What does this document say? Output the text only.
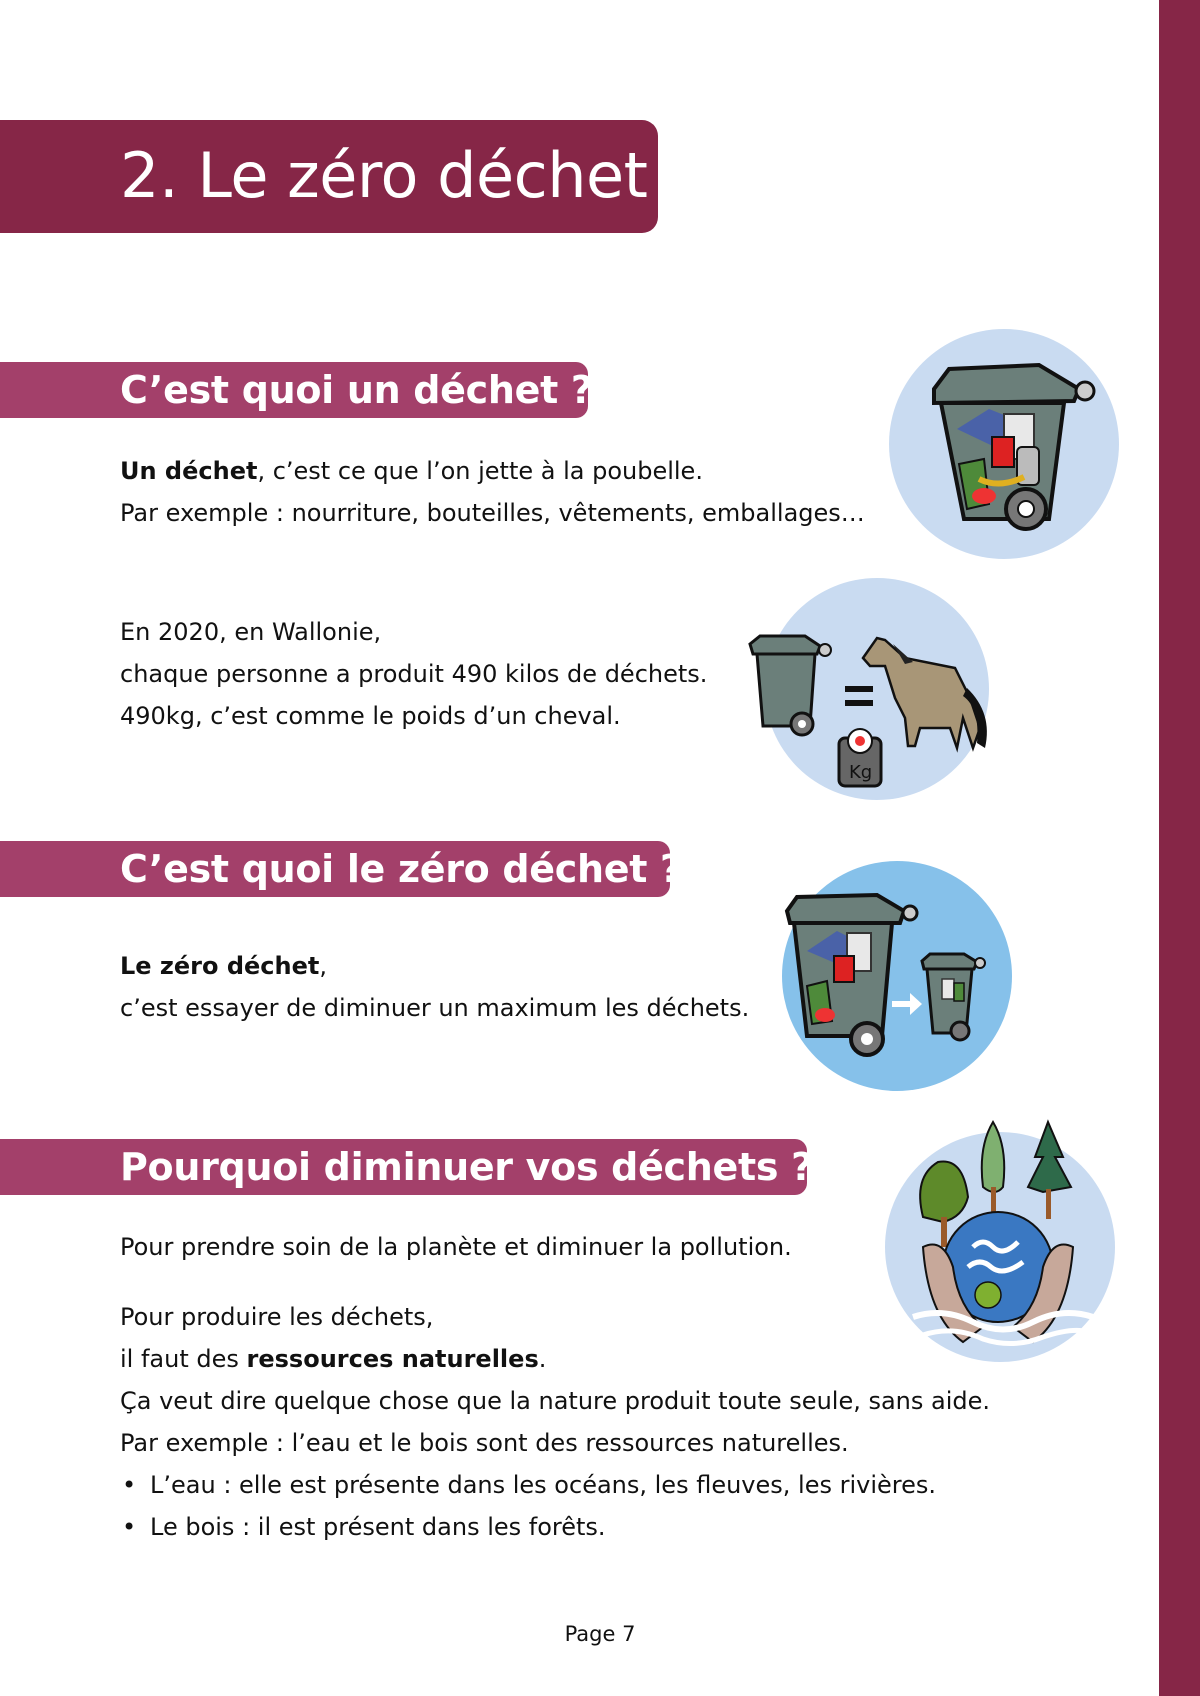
2. Le zéro déchet
C’est quoi un déchet ?

Un déchet, c’est ce que l’on jette à la poubelle.

Par exemple : nourriture, bouteilles, vêtements, emballages…

En 2020, en Wallonie,

chaque personne a produit 490 kilos de déchets.

490kg, c’est comme le poids d’un cheval.

Kg
C’est quoi le zéro déchet ?

Le zéro déchet,

c’est essayer de diminuer un maximum les déchets.

Pourquoi diminuer vos déchets ?

Pour prendre soin de la planète et diminuer la pollution.

Pour produire les déchets,

il faut des ressources naturelles.

Ça veut dire quelque chose que la nature produit toute seule, sans aide.

Par exemple : l’eau et le bois sont des ressources naturelles.

• L’eau : elle est présente dans les océans, les fleuves, les rivières.
• Le bois : il est présent dans les forêts.
Page 7
